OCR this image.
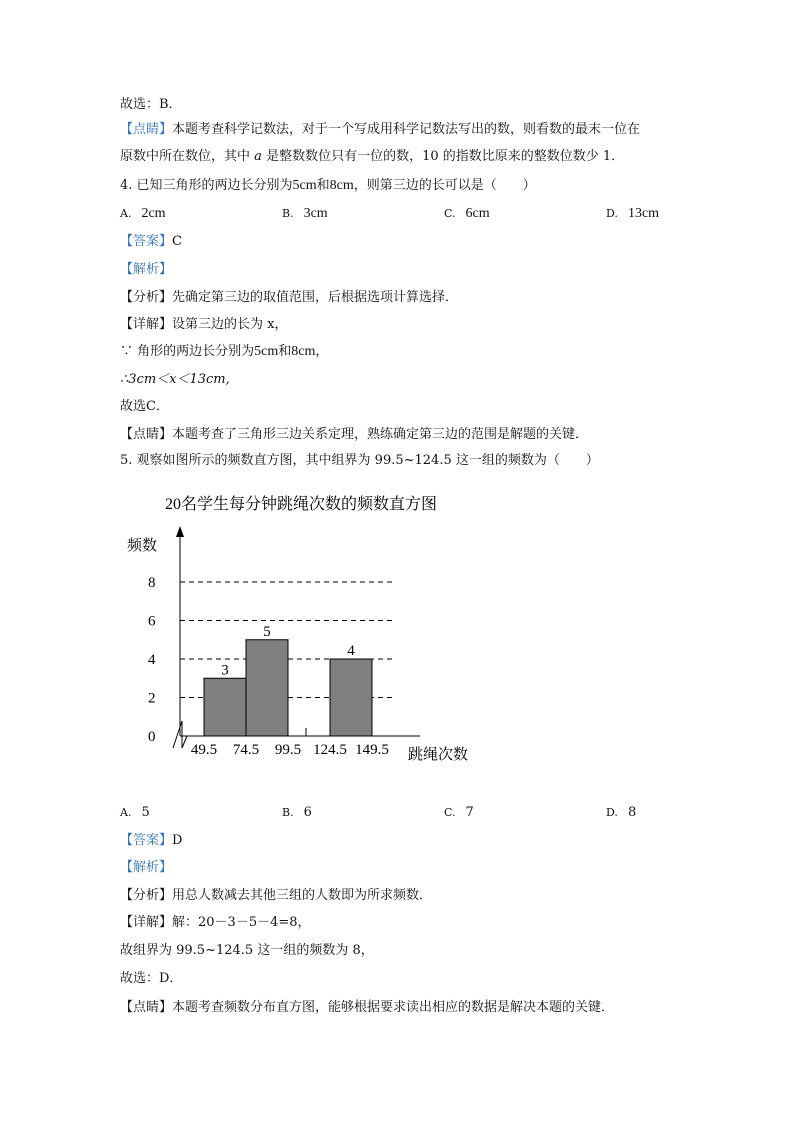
故选：B．
【点睛】本题考查科学记数法，对于一个写成用科学记数法写出的数，则看数的最末一位在
原数中所在数位，其中 a 是整数数位只有一位的数，10 的指数比原来的整数位数少 1．
4. 已知三角形的两边长分别为5cm和8cm，则第三边的长可以是（　　）
A. 2cm	B. 3cm	C. 6cm	D. 13cm
【答案】C
【解析】
【分析】先确定第三边的取值范围，后根据选项计算选择．
【详解】设第三边的长为 x，
∵ 角形的两边长分别为5cm和8cm，
∴3cm＜x＜13cm,
故选C．
【点睛】本题考查了三角形三边关系定理，熟练确定第三边的范围是解题的关键．
5. 观察如图所示的频数直方图，其中组界为 99.5~124.5 这一组的频数为（　　）
20名学生每分钟跳绳次数的频数直方图
频数
3
5
4
0
2
4
6
8
49.5 74.5 99.5 124.5 149.5 跳绳次数
A. 5	B. 6	C. 7	D. 8
【答案】D
【解析】
【分析】用总人数减去其他三组的人数即为所求频数．
【详解】解：20－3－5－4=8，
故组界为 99.5~124.5 这一组的频数为 8，
故选：D．
【点睛】本题考查频数分布直方图，能够根据要求读出相应的数据是解决本题的关键．
